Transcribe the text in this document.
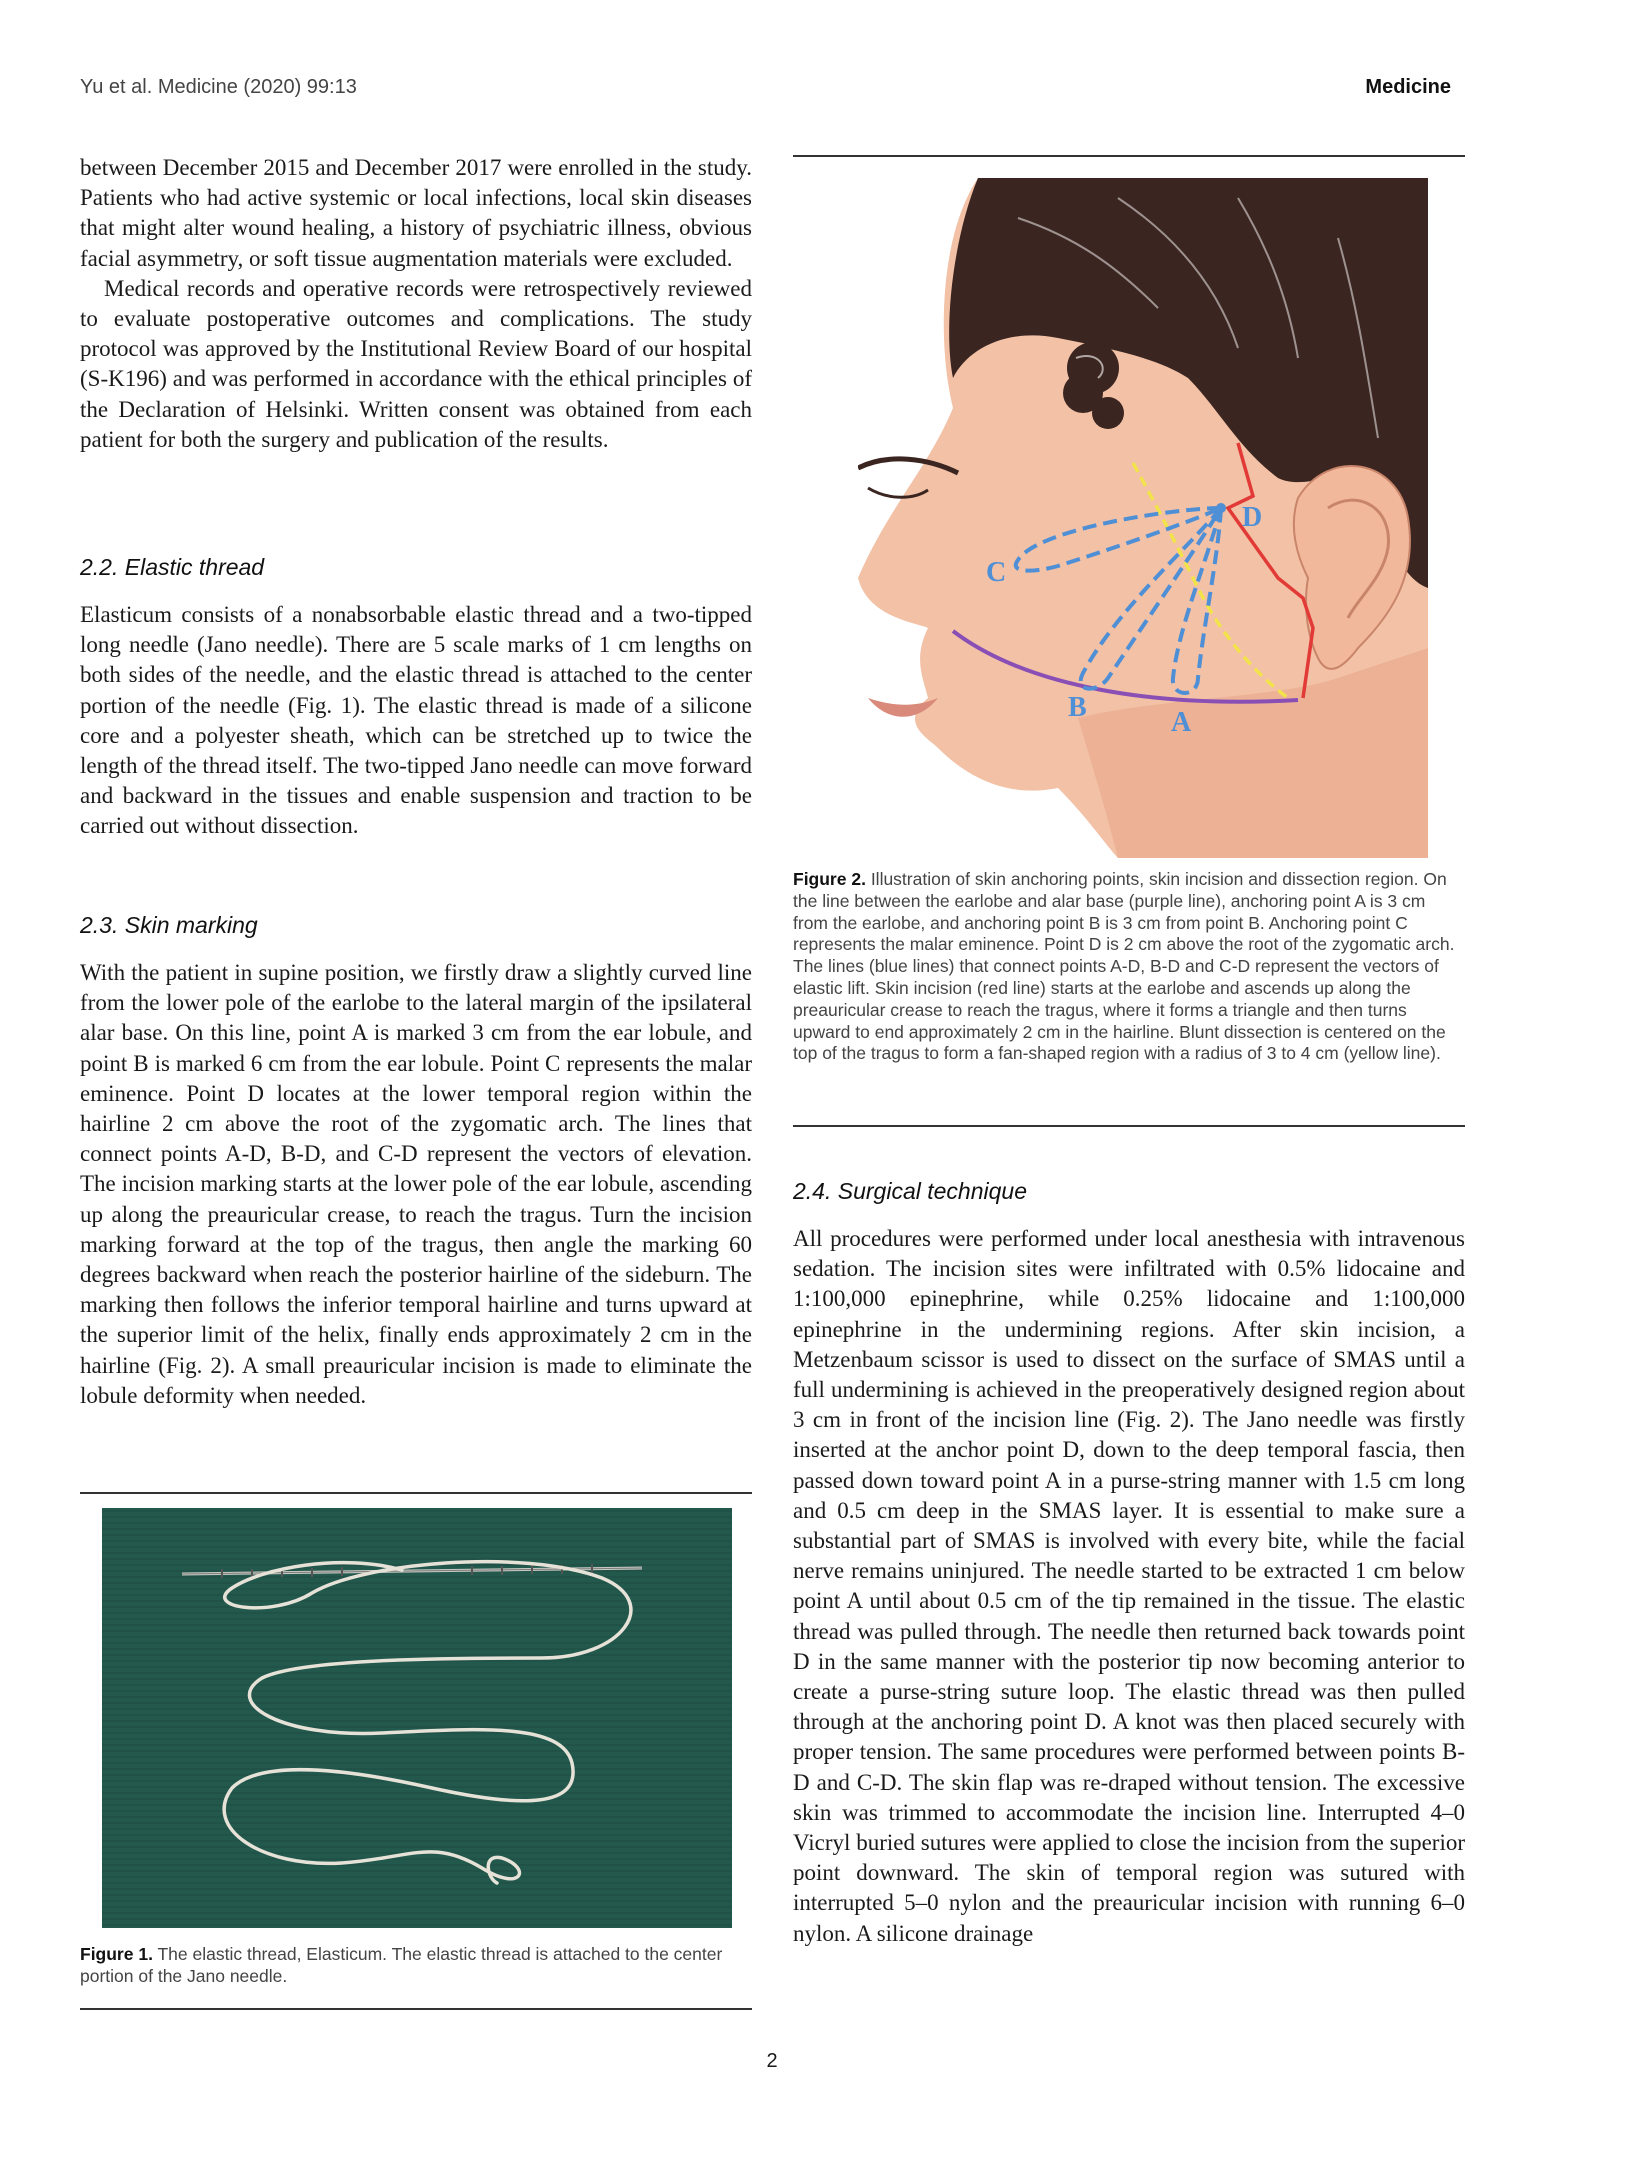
Yu et al. Medicine (2020) 99:13	Medicine

between December 2015 and December 2017 were enrolled in the study. Patients who had active systemic or local infections, local skin diseases that might alter wound healing, a history of psychiatric illness, obvious facial asymmetry, or soft tissue augmentation materials were excluded.

Medical records and operative records were retrospectively reviewed to evaluate postoperative outcomes and complications. The study protocol was approved by the Institutional Review Board of our hospital (S-K196) and was performed in accordance with the ethical principles of the Declaration of Helsinki. Written consent was obtained from each patient for both the surgery and publication of the results.

2.2. Elastic thread

Elasticum consists of a nonabsorbable elastic thread and a two-tipped long needle (Jano needle). There are 5 scale marks of 1 cm lengths on both sides of the needle, and the elastic thread is attached to the center portion of the needle (Fig. 1). The elastic thread is made of a silicone core and a polyester sheath, which can be stretched up to twice the length of the thread itself. The two-tipped Jano needle can move forward and backward in the tissues and enable suspension and traction to be carried out without dissection.

2.3. Skin marking

With the patient in supine position, we firstly draw a slightly curved line from the lower pole of the earlobe to the lateral margin of the ipsilateral alar base. On this line, point A is marked 3 cm from the ear lobule, and point B is marked 6 cm from the ear lobule. Point C represents the malar eminence. Point D locates at the lower temporal region within the hairline 2 cm above the root of the zygomatic arch. The lines that connect points A-D, B-D, and C-D represent the vectors of elevation. The incision marking starts at the lower pole of the ear lobule, ascending up along the preauricular crease, to reach the tragus. Turn the incision marking forward at the top of the tragus, then angle the marking 60 degrees backward when reach the posterior hairline of the sideburn. The marking then follows the inferior temporal hairline and turns upward at the superior limit of the helix, finally ends approximately 2 cm in the hairline (Fig. 2). A small preauricular incision is made to eliminate the lobule deformity when needed.

Figure 1. The elastic thread, Elasticum. The elastic thread is attached to the center portion of the Jano needle.
D
C
B	A
Figure 2. Illustration of skin anchoring points, skin incision and dissection region. On the line between the earlobe and alar base (purple line), anchoring point A is 3 cm from the earlobe, and anchoring point B is 3 cm from point B. Anchoring point C represents the malar eminence. Point D is 2 cm above the root of the zygomatic arch. The lines (blue lines) that connect points A-D, B-D and C-D represent the vectors of elastic lift. Skin incision (red line) starts at the earlobe and ascends up along the preauricular crease to reach the tragus, where it forms a triangle and then turns upward to end approximately 2 cm in the hairline. Blunt dissection is centered on the top of the tragus to form a fan-shaped region with a radius of 3 to 4 cm (yellow line).
2.4. Surgical technique

All procedures were performed under local anesthesia with intravenous sedation. The incision sites were infiltrated with 0.5% lidocaine and 1:100,000 epinephrine, while 0.25% lidocaine and 1:100,000 epinephrine in the undermining regions. After skin incision, a Metzenbaum scissor is used to dissect on the surface of SMAS until a full undermining is achieved in the preoperatively designed region about 3 cm in front of the incision line (Fig. 2). The Jano needle was firstly inserted at the anchor point D, down to the deep temporal fascia, then passed down toward point A in a purse-string manner with 1.5 cm long and 0.5 cm deep in the SMAS layer. It is essential to make sure a substantial part of SMAS is involved with every bite, while the facial nerve remains uninjured. The needle started to be extracted 1 cm below point A until about 0.5 cm of the tip remained in the tissue. The elastic thread was pulled through. The needle then returned back towards point D in the same manner with the posterior tip now becoming anterior to create a purse-string suture loop. The elastic thread was then pulled through at the anchoring point D. A knot was then placed securely with proper tension. The same procedures were performed between points B-D and C-D. The skin flap was re-draped without tension. The excessive skin was trimmed to accommodate the incision line. Interrupted 4–0 Vicryl buried sutures were applied to close the incision from the superior point downward. The skin of temporal region was sutured with interrupted 5–0 nylon and the preauricular incision with running 6–0 nylon. A silicone drainage

2
